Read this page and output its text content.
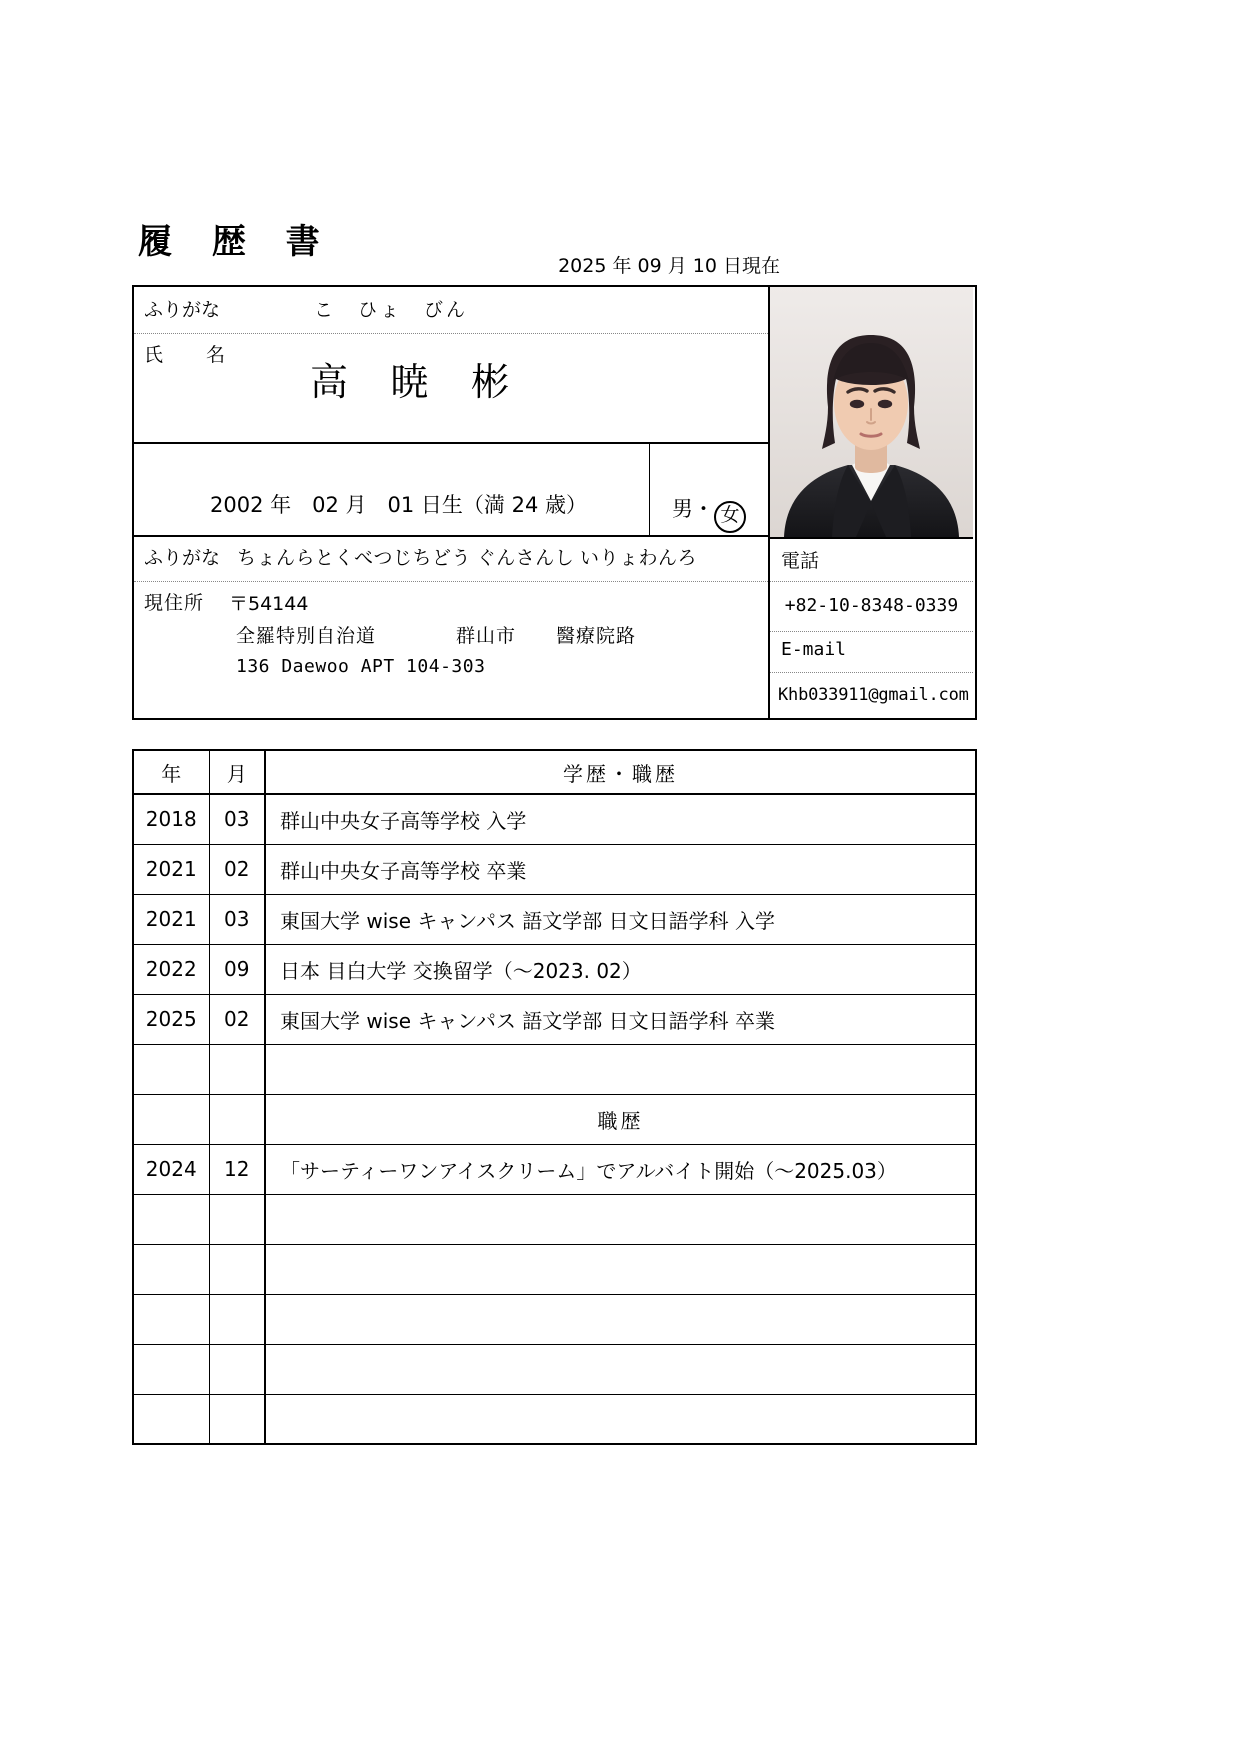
履 歴 書
2025 年 09 月 10 日現在
ふりがな	こ　ひょ　びん
氏　名
高 暁 彬
2002 年　02 月　01 日生（満 24 歳）	男・ 女
ふりがな ちょんらとくべつじちどう ぐんさんし いりょわんろ
現住所 〒54144
全羅特別自治道　　　　群山市　　醫療院路
136 Daewoo APT 104-303
電話
+82-10-8348-0339
E-mail
Khb033911@gmail.com
年	月	学歴・職歴
2018	03	群山中央女子高等学校 入学
2021	02	群山中央女子高等学校 卒業
2021	03	東国大学 wise キャンパス 語文学部 日文日語学科 入学
2022	09	日本 目白大学 交換留学（〜2023. 02）
2025	02	東国大学 wise キャンパス 語文学部 日文日語学科 卒業

		職歴
2024	12	「サーティーワンアイスクリーム」でアルバイト開始（〜2025.03）
